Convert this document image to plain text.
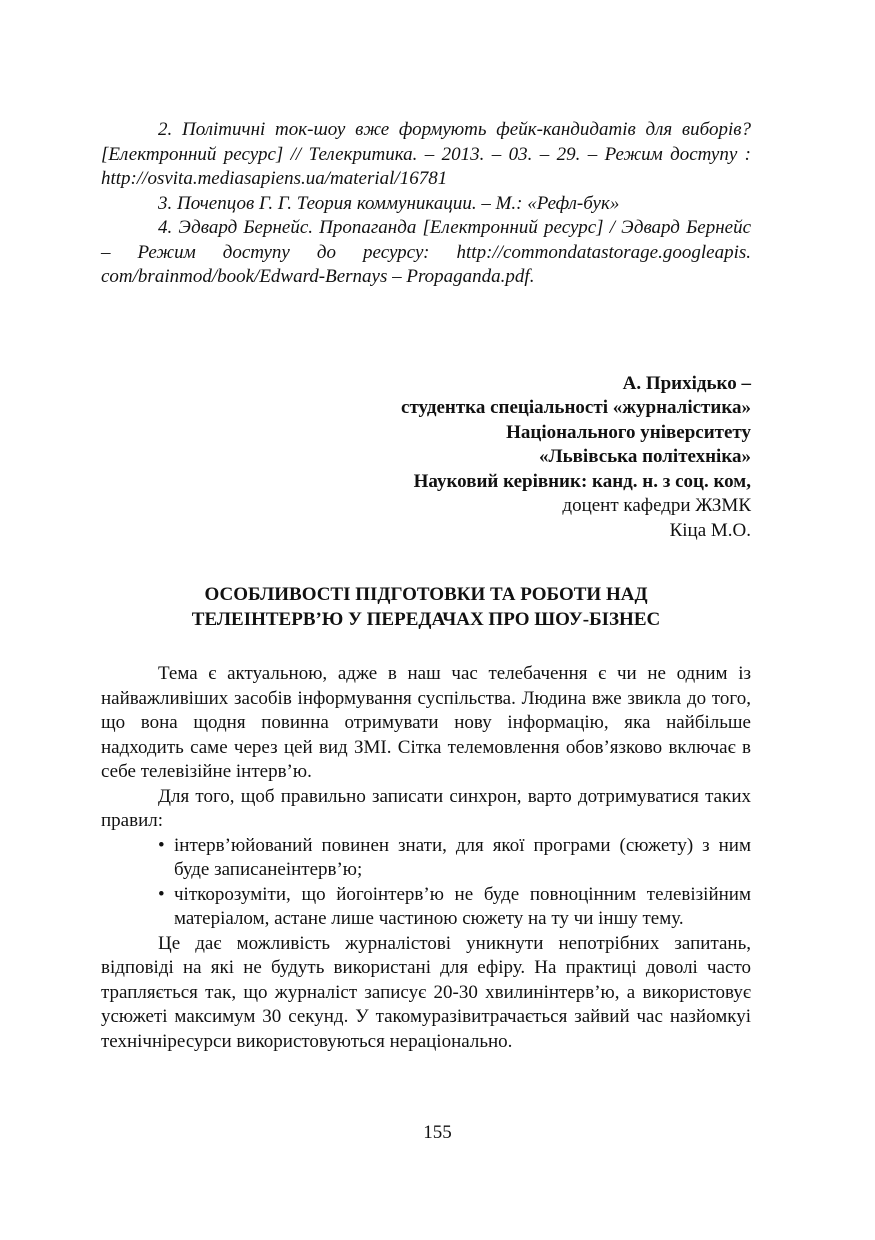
2. Політичні ток-шоу вже формують фейк-кандидатів для виборів? [Електронний ресурс] // Телекритика. – 2013. – 03. – 29. – Режим доступу : http://osvita.mediasapiens.ua/material/16781

3. Почепцов Г. Г. Теория коммуникации. – М.: «Рефл-бук»

4. Эдвард Бернейс. Пропаганда [Електронний ресурс] / Эдвард Бернейс – Режим доступу до ресурсу: http://commondatastorage.googleapis. com/brainmod/book/Edward-Bernays – Propaganda.pdf.

А. Прихідько –
студентка спеціальності «журналістика»
Національного університету
«Львівська політехніка»
Науковий керівник: канд. н. з соц. ком,
доцент кафедри ЖЗМК
Кіца М.О.
ОСОБЛИВОСТІ ПІДГОТОВКИ ТА РОБОТИ НАД
ТЕЛЕІНТЕРВ’Ю У ПЕРЕДАЧАХ ПРО ШОУ-БІЗНЕС

Тема є актуальною, адже в наш час телебачення є чи не одним із найважливіших засобів інформування суспільства. Людина вже звикла до того, що вона щодня повинна отримувати нову інформацію, яка найбільше надходить саме через цей вид ЗМІ. Сітка телемовлення обов’язково включає в себе телевізійне інтерв’ю.

Для того, щоб правильно записати синхрон, варто дотримуватися таких правил:

• інтерв’юйований повинен знати, для якої програми (сюжету) з ним буде записанеінтерв’ю;
• чіткорозуміти, що йогоінтерв’ю не буде повноцінним телевізійним матеріалом, астане лише частиною сюжету на ту чи іншу тему.

Це дає можливість журналістові уникнути непотрібних запитань, відповіді на які не будуть використані для ефіру. На практиці доволі часто трапляється так, що журналіст записує 20-30 хвилинінтерв’ю, а використовує усюжеті максимум 30 секунд. У такомуразівитрачається зайвий час назйомкуі технічніресурси використовуються нераціонально.

155
